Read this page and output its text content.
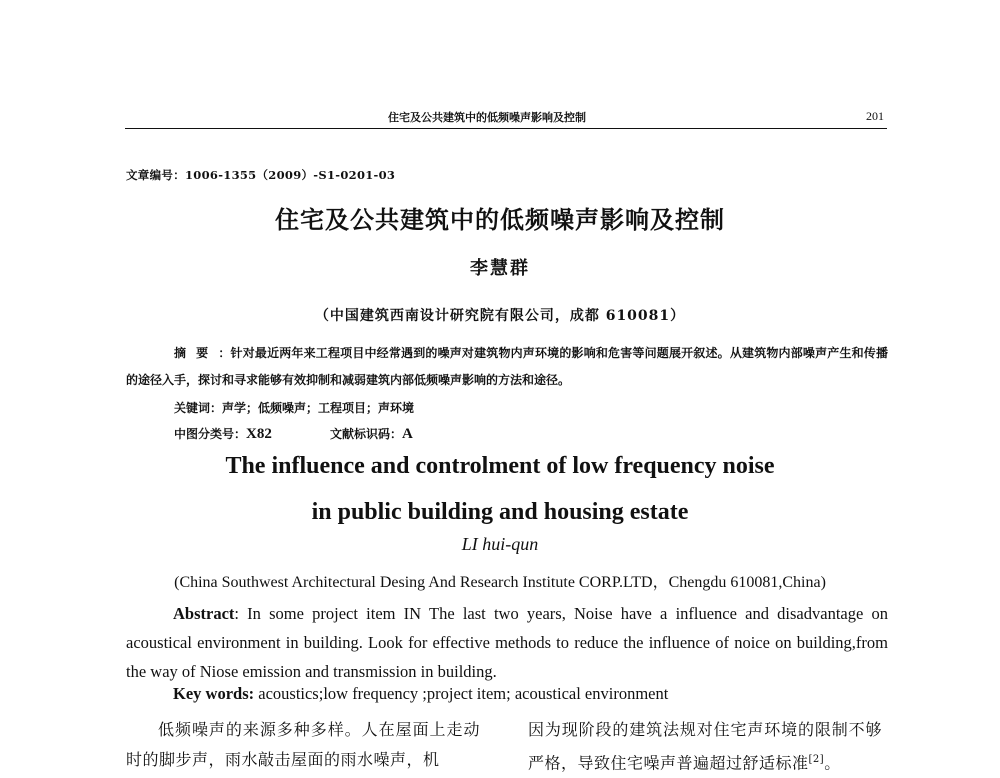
住宅及公共建筑中的低频噪声影响及控制	201
文章编号：1006-1355（2009）-S1-0201-03
住宅及公共建筑中的低频噪声影响及控制
李慧群
（中国建筑西南设计研究院有限公司，成都 610081）
摘要：针对最近两年来工程项目中经常遇到的噪声对建筑物内声环境的影响和危害等问题展开叙述。从建筑物内部噪声产生和传播的途径入手，探讨和寻求能够有效抑制和减弱建筑内部低频噪声影响的方法和途径。
关键词：声学；低频噪声；工程项目；声环境
中图分类号：X82	文献标识码：A
The influence and controlment of low frequency noise
in public building and housing estate
LI hui-qun
(China Southwest Architectural Desing And Research Institute CORP.LTD，Chengdu 610081,China)
Abstract: In some project item IN The last two years, Noise have a influence and disadvantage on acoustical environment in building. Look for effective methods to reduce the influence of noice on building,from the way of Niose emission and transmission in building.
Key words: acoustics;low frequency ;project item; acoustical environment
低频噪声的来源多种多样。人在屋面上走动时的脚步声，雨水敲击屋面的雨水噪声，机
因为现阶段的建筑法规对住宅声环境的限制不够严格，导致住宅噪声普遍超过舒适标准[2]。
